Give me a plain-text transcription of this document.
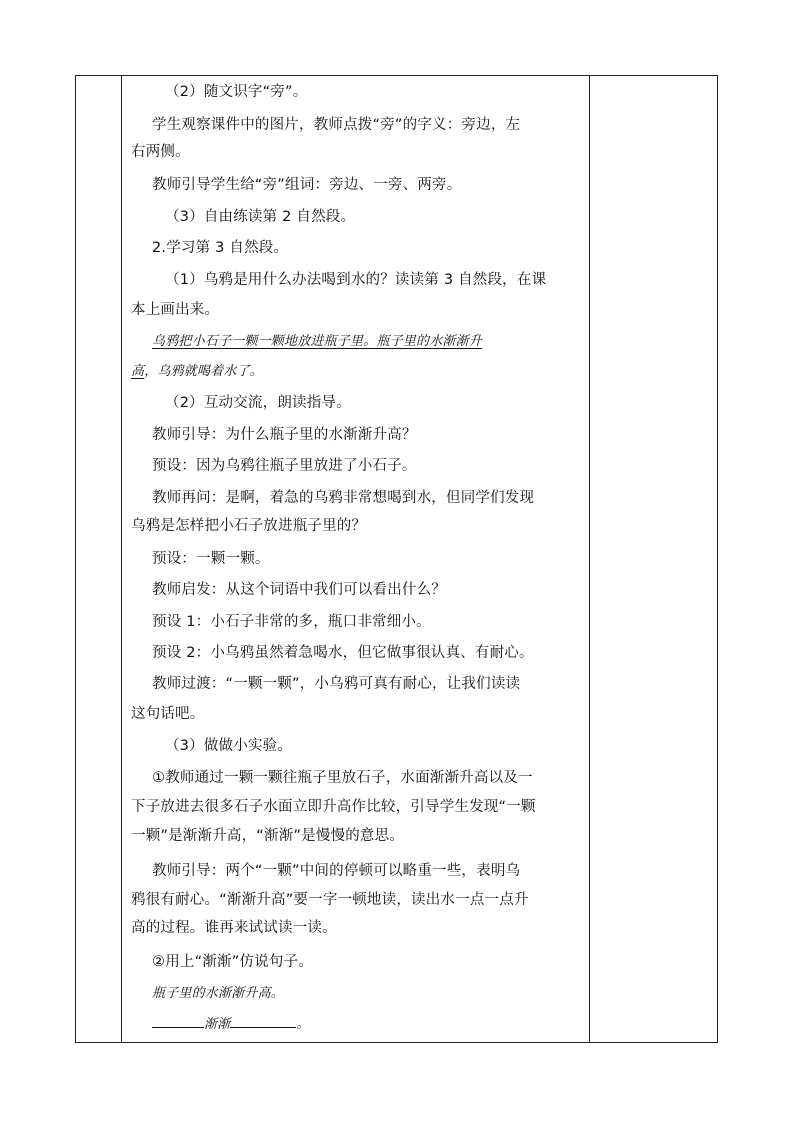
（2）随文识字“旁”。
学生观察课件中的图片，教师点拨“旁”的字义：旁边，左
右两侧。
教师引导学生给“旁”组词：旁边、一旁、两旁。
（3）自由练读第 2 自然段。
2.学习第 3 自然段。
（1）乌鸦是用什么办法喝到水的？读读第 3 自然段，在课
本上画出来。
乌鸦把小石子一颗一颗地放进瓶子里。瓶子里的水渐渐升
高，乌鸦就喝着水了。
（2）互动交流，朗读指导。
教师引导：为什么瓶子里的水渐渐升高？
预设：因为乌鸦往瓶子里放进了小石子。
教师再问：是啊，着急的乌鸦非常想喝到水，但同学们发现
乌鸦是怎样把小石子放进瓶子里的？
预设：一颗一颗。
教师启发：从这个词语中我们可以看出什么？
预设 1：小石子非常的多，瓶口非常细小。
预设 2：小乌鸦虽然着急喝水，但它做事很认真、有耐心。
教师过渡：“一颗一颗”，小乌鸦可真有耐心，让我们读读
这句话吧。
（3）做做小实验。
①教师通过一颗一颗往瓶子里放石子，水面渐渐升高以及一
下子放进去很多石子水面立即升高作比较，引导学生发现“一颗
一颗”是渐渐升高，“渐渐”是慢慢的意思。
教师引导：两个“一颗”中间的停顿可以略重一些，表明乌
鸦很有耐心。“渐渐升高”要一字一顿地读，读出水一点一点升
高的过程。谁再来试试读一读。
②用上“渐渐”仿说句子。
瓶子里的水渐渐升高。
渐渐	。
